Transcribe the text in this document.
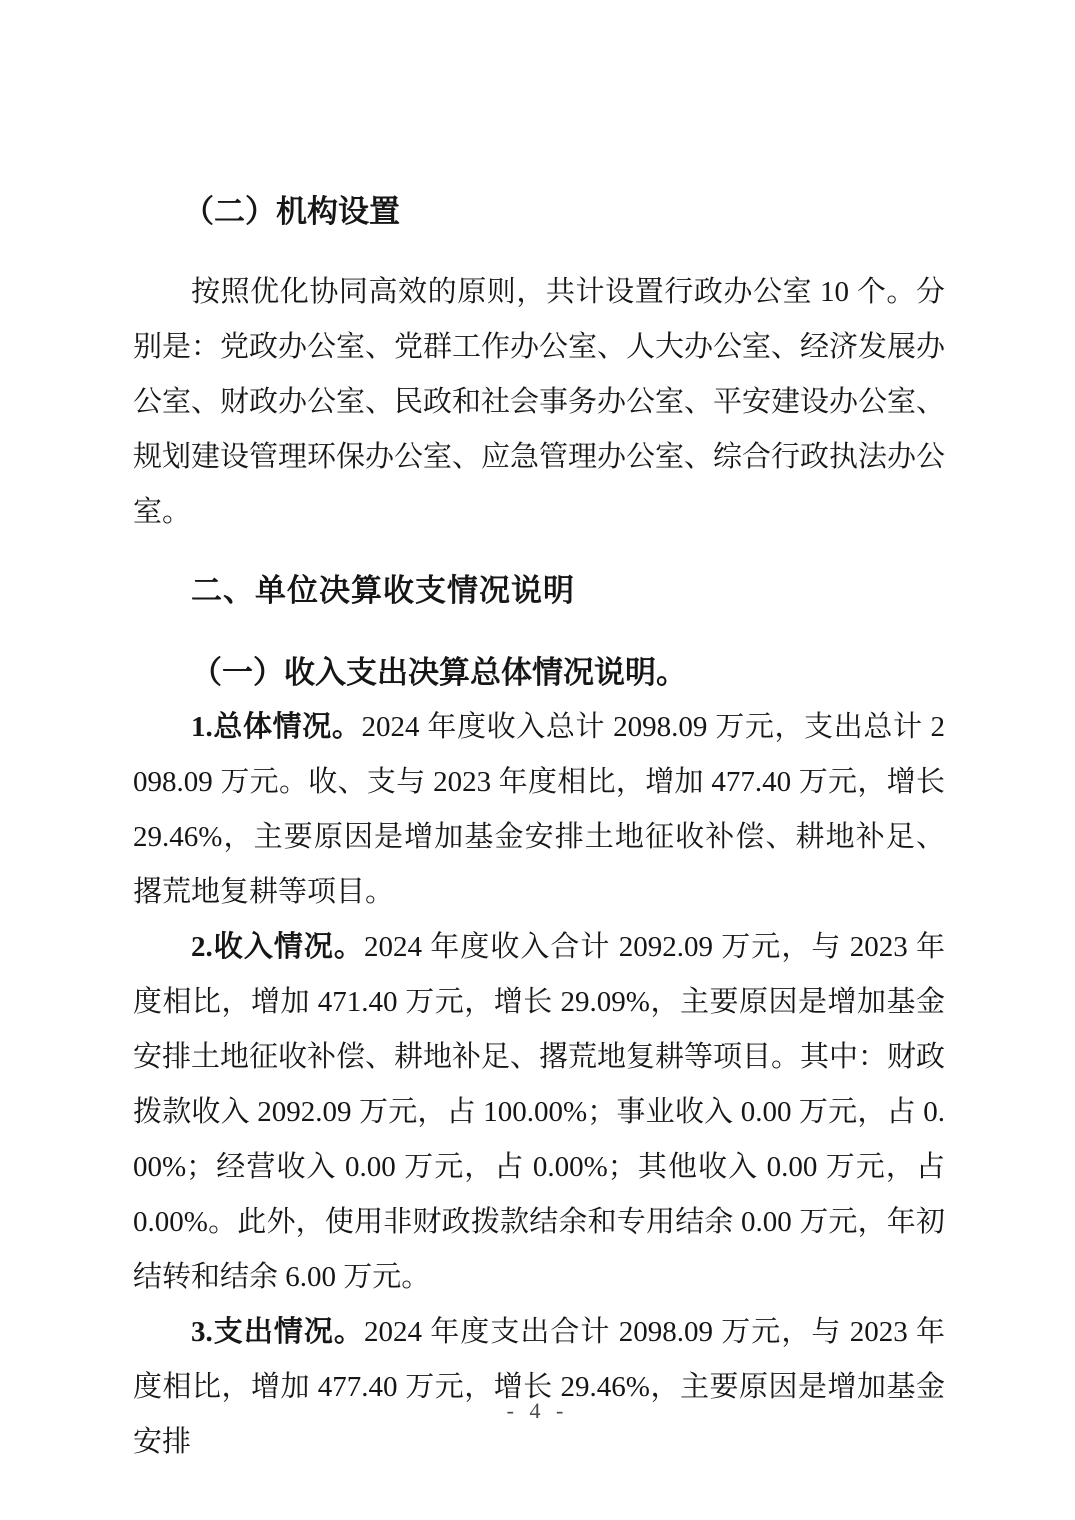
（二）机构设置

按照优化协同高效的原则，共计设置行政办公室 10 个。分别是：党政办公室、党群工作办公室、人大办公室、经济发展办公室、财政办公室、民政和社会事务办公室、平安建设办公室、规划建设管理环保办公室、应急管理办公室、综合行政执法办公室。

二、单位决算收支情况说明
（一）收入支出决算总体情况说明。

1.总体情况。2024 年度收入总计 2098.09 万元，支出总计 2098.09 万元。收、支与 2023 年度相比，增加 477.40 万元，增长 29.46%，主要原因是增加基金安排土地征收补偿、耕地补足、撂荒地复耕等项目。

2.收入情况。2024 年度收入合计 2092.09 万元，与 2023 年度相比，增加 471.40 万元，增长 29.09%，主要原因是增加基金安排土地征收补偿、耕地补足、撂荒地复耕等项目。其中：财政拨款收入 2092.09 万元，占 100.00%；事业收入 0.00 万元，占 0.00%；经营收入 0.00 万元，占 0.00%；其他收入 0.00 万元，占 0.00%。此外，使用非财政拨款结余和专用结余 0.00 万元，年初结转和结余 6.00 万元。

3.支出情况。2024 年度支出合计 2098.09 万元，与 2023 年度相比，增加 477.40 万元，增长 29.46%，主要原因是增加基金安排

- 4 -
